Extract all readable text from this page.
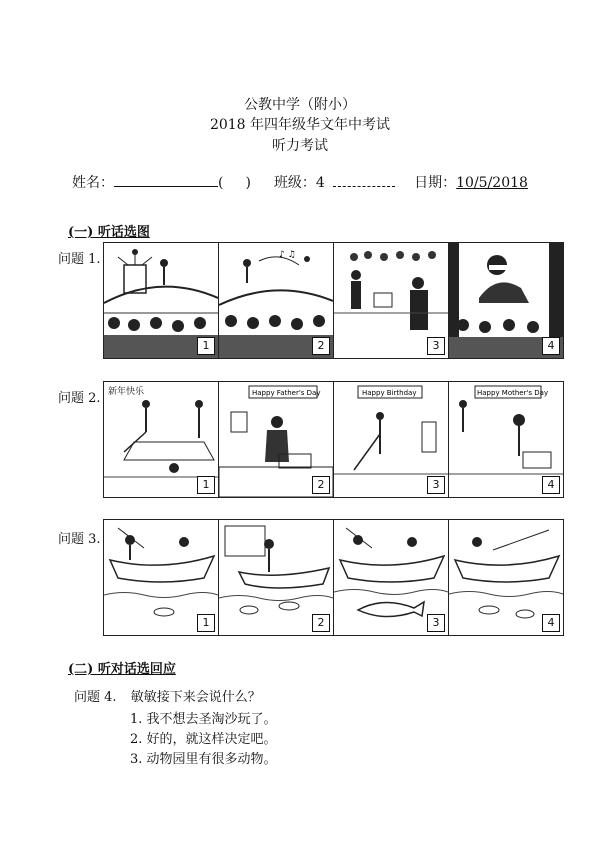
公教中学（附小）
2018 年四年级华文年中考试
听力考试
姓名：	( ) 班级：4	日期：10/5/2018
(一) 听话选图
问题 1.
1
♪ ♫
2	3	4
问题 2. 新年快乐
1
Happy Father's Day
2
Happy Birthday
3
Happy Mother's Day
4
问题 3.
1	2	3	4
(二) 听对话选回应
问题 4. 敏敏接下来会说什么？
1. 我不想去圣淘沙玩了。
2. 好的，就这样决定吧。
3. 动物园里有很多动物。
